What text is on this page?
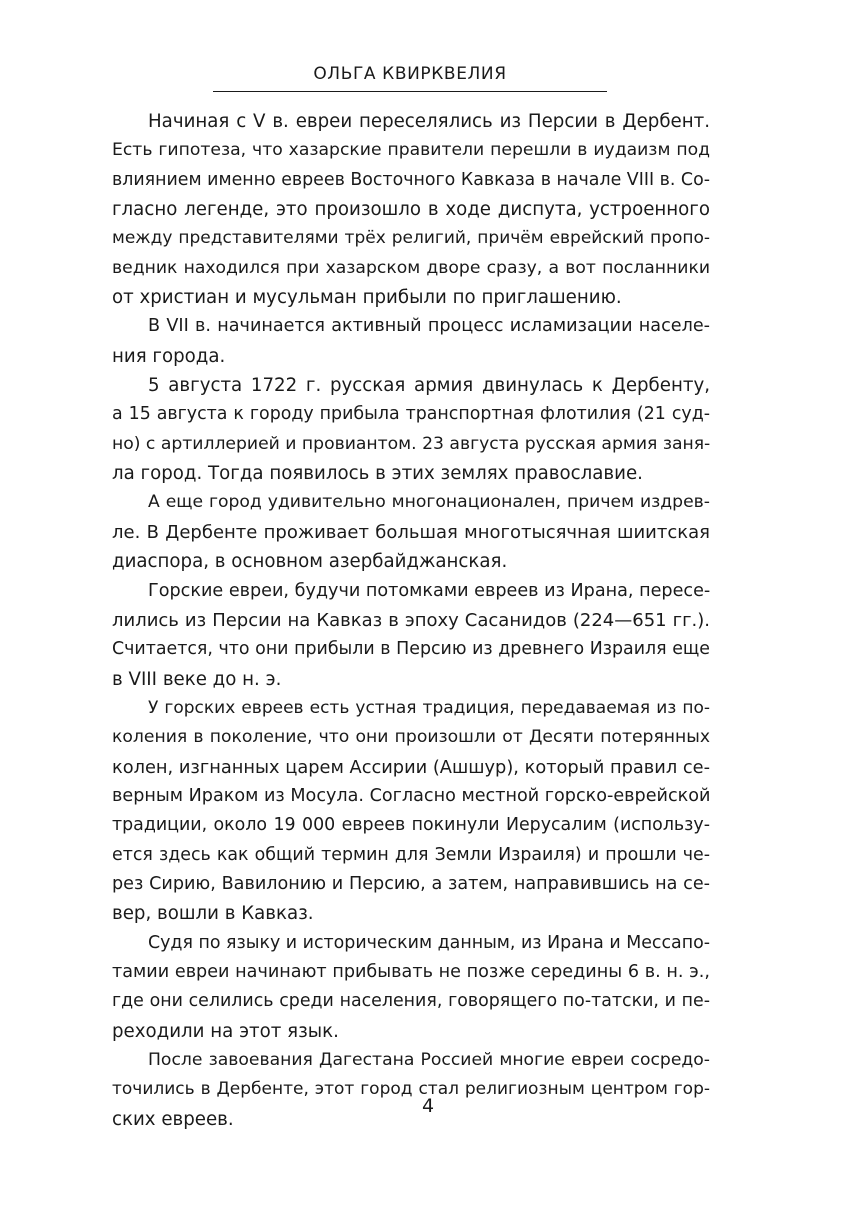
ОЛЬГА КВИРКВЕЛИЯ
Начиная с V в. евреи переселялись из Персии в Дербент.
Есть гипотеза, что хазарские правители перешли в иудаизм под
влиянием именно евреев Восточного Кавказа в начале VIII в. Со-
гласно легенде, это произошло в ходе диспута, устроенного
между представителями трёх религий, причём еврейский пропо-
ведник находился при хазарском дворе сразу, а вот посланники
от христиан и мусульман прибыли по приглашению.
В VII в. начинается активный процесс исламизации населе-
ния города.
5 августа 1722 г. русская армия двинулась к Дербенту,
а 15 августа к городу прибыла транспортная флотилия (21 суд-
но) с артиллерией и провиантом. 23 августа русская армия заня-
ла город. Тогда появилось в этих землях православие.
А еще город удивительно многонационален, причем издрев-
ле. В Дербенте проживает большая многотысячная шиитская
диаспора, в основном азербайджанская.
Горские евреи, будучи потомками евреев из Ирана, пересе-
лились из Персии на Кавказ в эпоху Сасанидов (224—651 гг.).
Считается, что они прибыли в Персию из древнего Израиля еще
в VIII веке до н. э.
У горских евреев есть устная традиция, передаваемая из по-
коления в поколение, что они произошли от Десяти потерянных
колен, изгнанных царем Ассирии (Ашшур), который правил се-
верным Ираком из Мосула. Согласно местной горско-еврейской
традиции, около 19 000 евреев покинули Иерусалим (использу-
ется здесь как общий термин для Земли Израиля) и прошли че-
рез Сирию, Вавилонию и Персию, а затем, направившись на се-
вер, вошли в Кавказ.
Судя по языку и историческим данным, из Ирана и Мессапо-
тамии евреи начинают прибывать не позже середины 6 в. н. э.,
где они селились среди населения, говорящего по-татски, и пе-
реходили на этот язык.
После завоевания Дагестана Россией многие евреи сосредо-
точились в Дербенте, этот город стал религиозным центром гор-
ских евреев.
4
